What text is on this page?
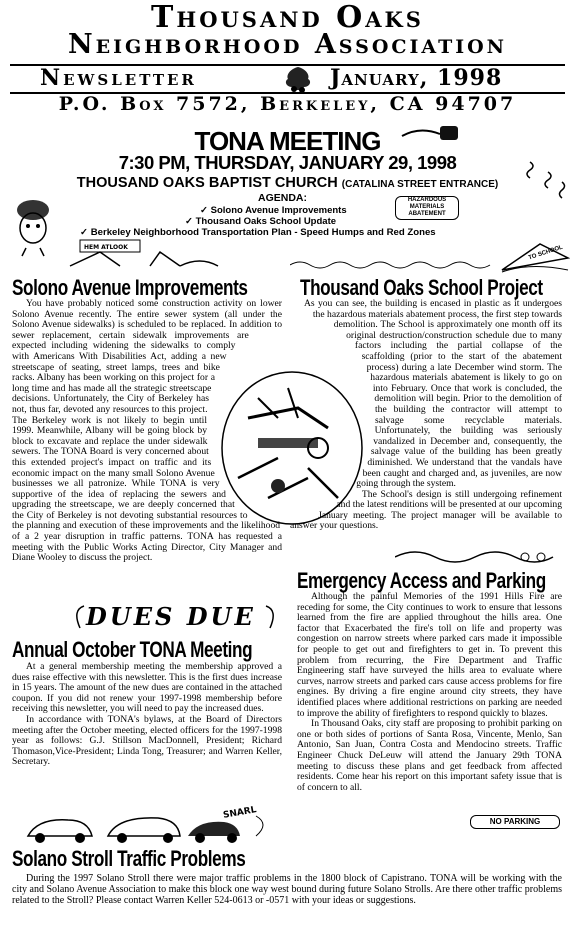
Thousand Oaks
Neighborhood Association
Newsletter	January, 1998
P.O. Box 7572, Berkeley, CA 94707
TONA MEETING
7:30 PM, THURSDAY, JANUARY 29, 1998
THOUSAND OAKS BAPTIST CHURCH (CATALINA STREET ENTRANCE)
AGENDA:
✓ Solono Avenue Improvements
✓ Thousand Oaks School Update
✓ Berkeley Neighborhood Transportation Plan - Speed Humps and Red Zones
HAZARDOUS MATERIALS ABATEMENT
HEM ATLOOK	TO SCHOOL
Solono Avenue Improvements

You have probably noticed some construction activity on lower Solono Avenue recently. The entire sewer system (all under the Solono Avenue sidewalks) is scheduled to be replaced. In addition to sewer replacement, certain sidewalk improvements are expected including widening the sidewalks to comply with Americans With Disabilities Act, adding a new streetscape of seating, street lamps, trees and bike racks. Albany has been working on this project for a long time and has made all the strategic streetscape decisions. Unfortunately, the City of Berkeley has not, thus far, devoted any resources to this project. The Berkeley work is not likely to begin until 1999. Meanwhile, Albany will be going block by block to excavate and replace the under sidewalk sewers. The TONA Board is very concerned about this extended project's impact on traffic and its economic impact on the many small Solono Avenue businesses we all patronize. While TONA is very supportive of the idea of replacing the sewers and upgrading the streetscape, we are deeply concerned that the City of Berkeley is not devoting substantial resources to the planning and execution of these improvements and the likelihood of a 2 year disruption in traffic patterns. TONA has requested a meeting with the Public Works Acting Director, City Manager and Diane Wooley to discuss the project.

DUES DUE
Annual October TONA Meeting

At a general membership meeting the membership approved a dues raise effective with this newsletter. This is the first dues increase in 15 years. The amount of the new dues are contained in the attached coupon. If you did not renew your 1997-1998 membership before receiving this newsletter, you will need to pay the increased dues.

In accordance with TONA's bylaws, at the Board of Directors meeting after the October meeting, elected officers for the 1997-1998 year as follows: G.J. Stillson MacDonnell, President; Richard Thomason,Vice-President; Linda Tong, Treasurer; and Warren Keller, Secretary.

SNARL
Solano Stroll Traffic Problems
Thousand Oaks School Project

As you can see, the building is encased in plastic as it undergoes the hazardous materials abatement process, the first step towards demolition. The School is approximately one month off its original destruction/construction schedule due to many factors including the partial collapse of the scaffolding (prior to the start of the abatement process) during a late December wind storm. The hazardous materials abatement is likely to go on into February. Once that work is concluded, the demolition will begin. Prior to the demolition of the building the contractor will attempt to salvage some recyclable materials. Unfortunately, the building was seriously vandalized in December and, consequently, the salvage value of the building has been greatly diminished. We understand that the vandals have been caught and charged and, as juveniles, are now going through the system.

The School's design is still undergoing refinement and the latest renditions will be presented at our upcoming January meeting. The project manager will be available to answer your questions.

Emergency Access and Parking

Although the painful Memories of the 1991 Hills Fire are receding for some, the City continues to work to ensure that lessons learned from the fire are applied throughout the hills area. One factor that Exacerbated the fire's toll on life and property was congestion on narrow streets where parked cars made it impossible for people to get out and firefighters to get in. To prevent this problem from recurring, the Fire Department and Traffic Engineering staff have surveyed the hills area to evaluate where curves, narrow streets and parked cars cause access problems for fire engines. By driving a fire engine around city streets, they have identified places where additional restrictions on parking are needed to improve the ability of firefighters to respond quickly to blazes.

In Thousand Oaks, city staff are proposing to prohibit parking on one or both sides of portions of Santa Rosa, Vincente, Menlo, San Antonio, San Juan, Contra Costa and Mendocino streets. Traffic Engineer Chuck DeLeuw will attend the January 29th TONA meeting to discuss these plans and get feedback from affected residents. Come hear his report on this important safety issue that is of concern to all.

NO PARKING

During the 1997 Solano Stroll there were major traffic problems in the 1800 block of Capistrano. TONA will be working with the city and Solano Avenue Association to make this block one way west bound during future Solano Strolls. Are there other traffic problems related to the Stroll? Please contact Warren Keller 524-0613 or -0571 with your ideas or suggestions.
